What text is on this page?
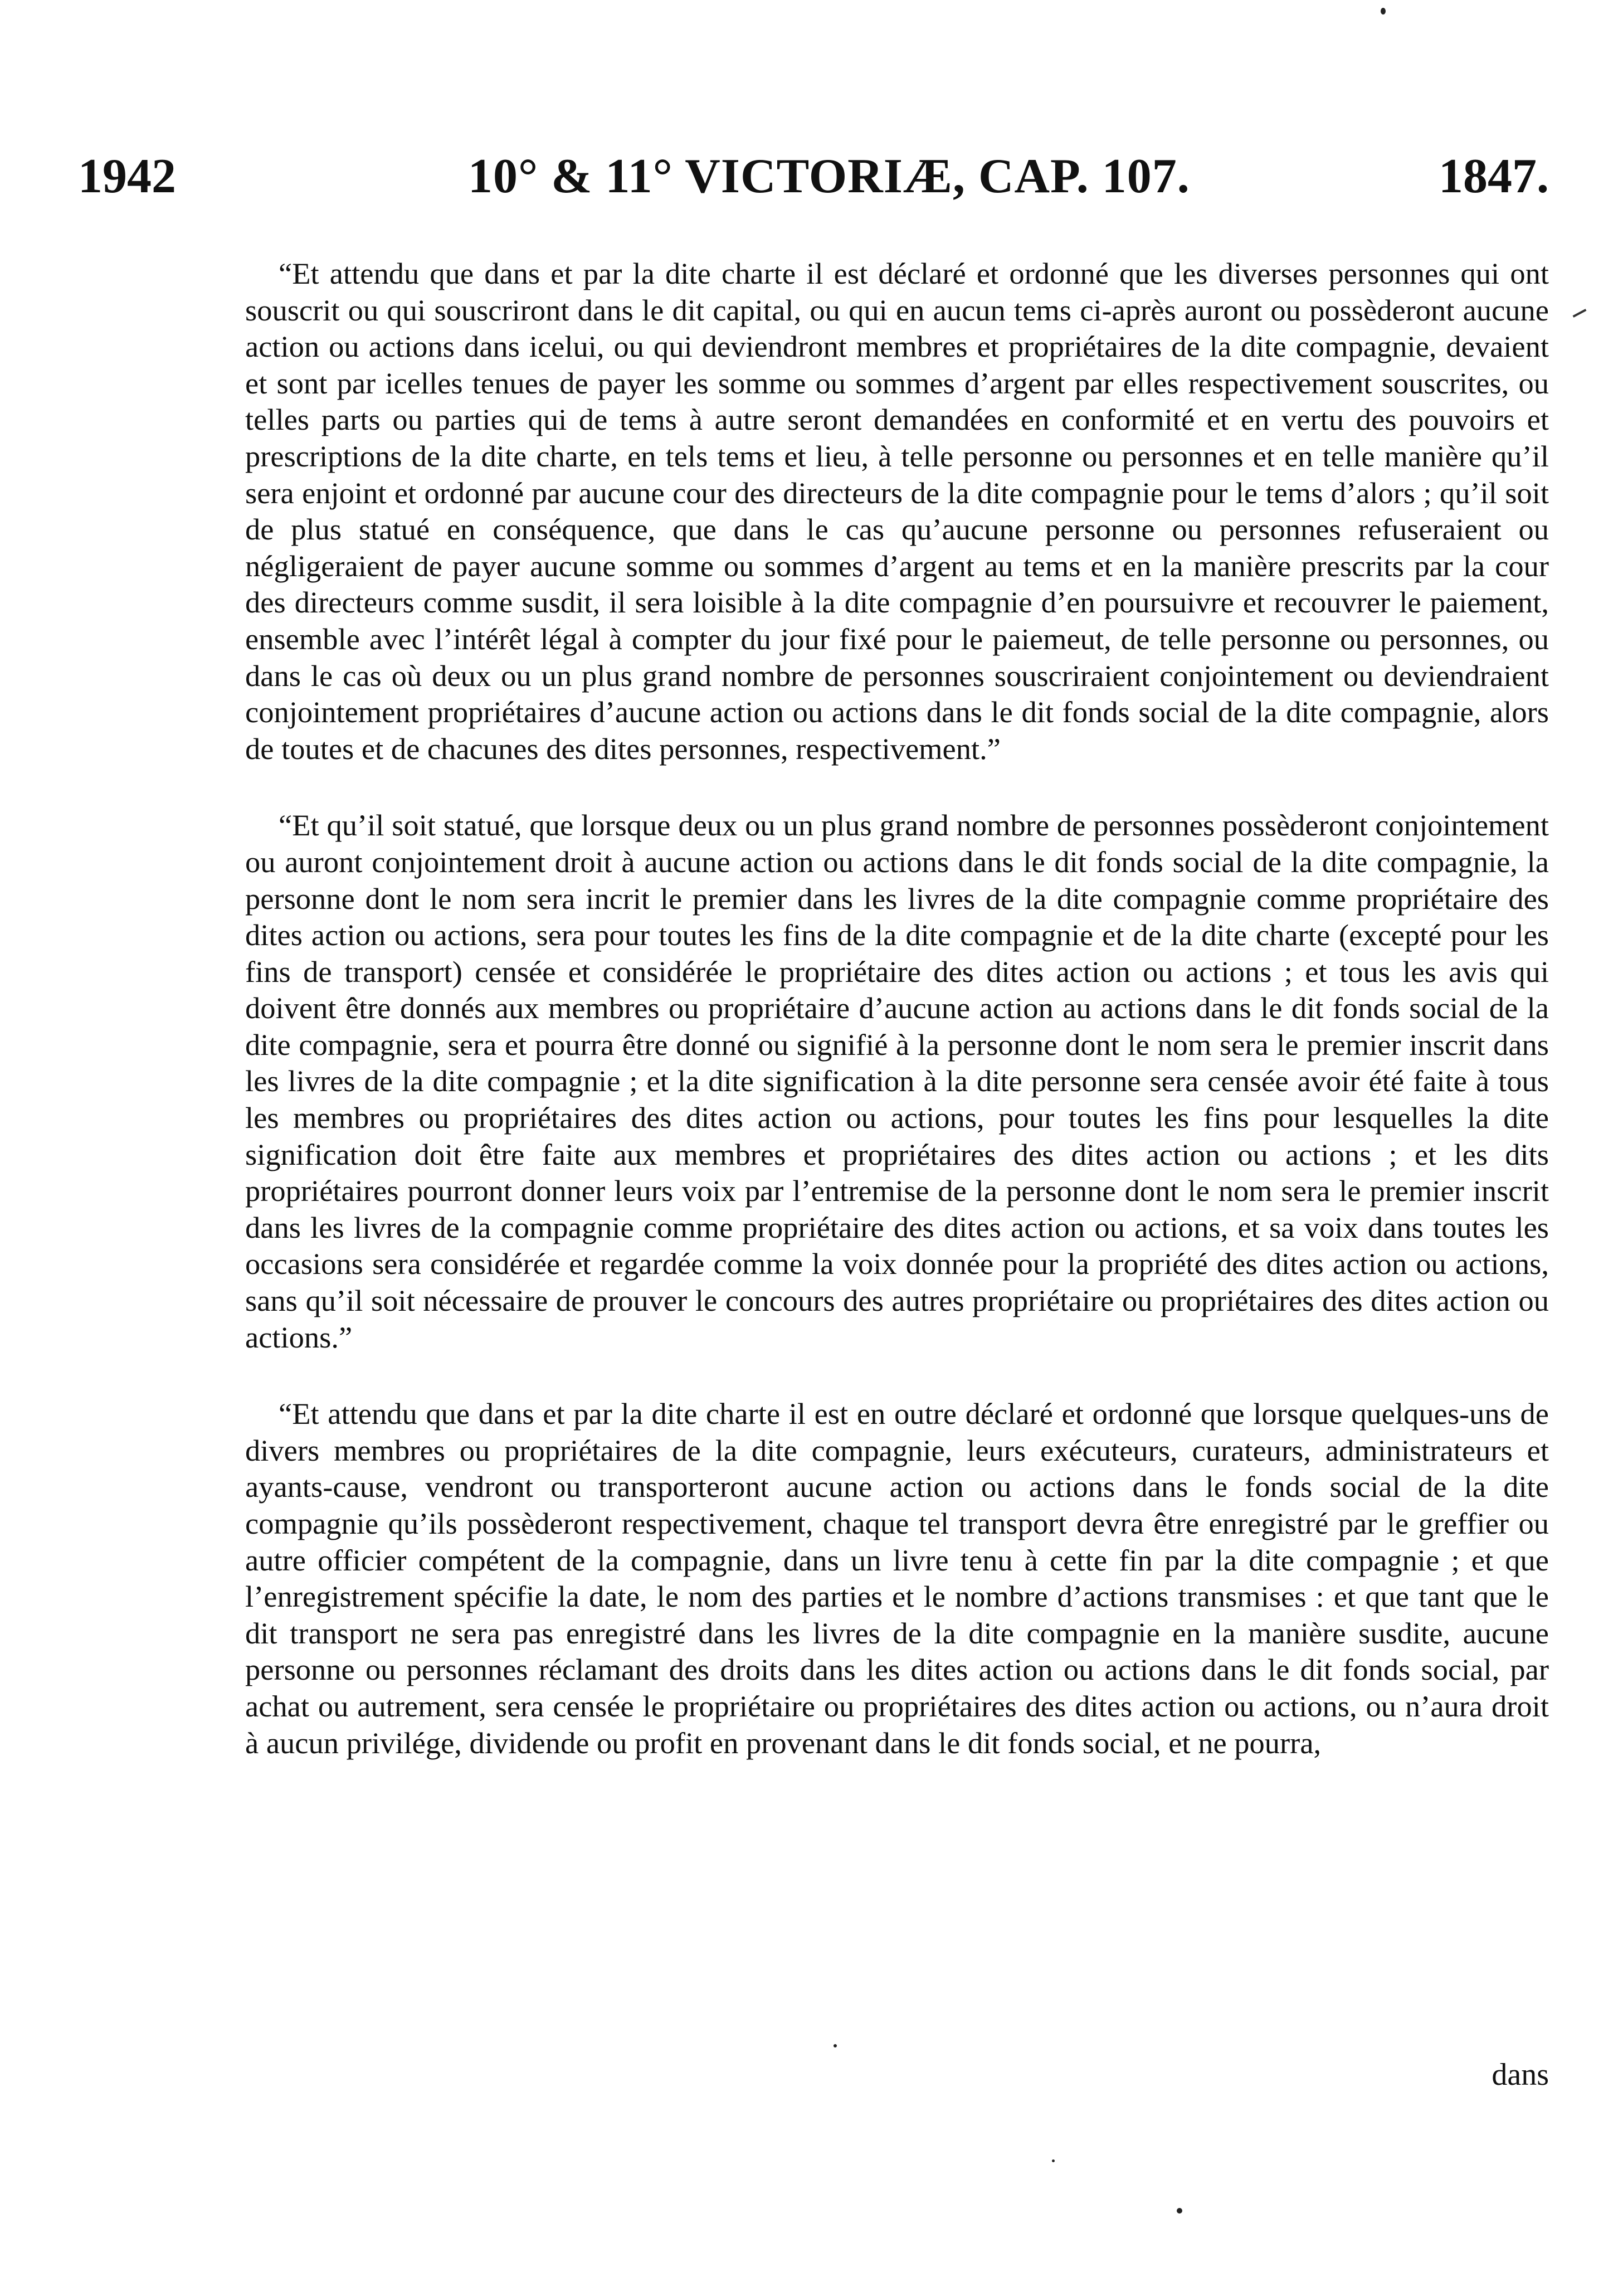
1942	10° & 11° VICTORIÆ, CAP. 107.	1847.

“Et attendu que dans et par la dite charte il est déclaré et ordonné que les diverses personnes qui ont souscrit ou qui souscriront dans le dit capital, ou qui en aucun tems ci-après auront ou possèderont aucune action ou actions dans icelui, ou qui deviendront membres et propriétaires de la dite compagnie, devaient et sont par icelles tenues de payer les somme ou sommes d’argent par elles respectivement souscrites, ou telles parts ou parties qui de tems à autre seront demandées en conformité et en vertu des pouvoirs et prescriptions de la dite charte, en tels tems et lieu, à telle personne ou personnes et en telle manière qu’il sera enjoint et ordonné par aucune cour des directeurs de la dite compagnie pour le tems d’alors ; qu’il soit de plus statué en conséquence, que dans le cas qu’aucune personne ou personnes refuseraient ou négligeraient de payer aucune somme ou sommes d’argent au tems et en la manière prescrits par la cour des directeurs comme susdit, il sera loisible à la dite compagnie d’en poursuivre et recouvrer le paiement, ensemble avec l’intérêt légal à compter du jour fixé pour le paiemeut, de telle personne ou personnes, ou dans le cas où deux ou un plus grand nombre de personnes souscriraient conjointement ou deviendraient conjointement propriétaires d’aucune action ou actions dans le dit fonds social de la dite compagnie, alors de toutes et de chacunes des dites personnes, respectivement.”

“Et qu’il soit statué, que lorsque deux ou un plus grand nombre de personnes possèderont conjointement ou auront conjointement droit à aucune action ou actions dans le dit fonds social de la dite compagnie, la personne dont le nom sera incrit le premier dans les livres de la dite compagnie comme propriétaire des dites action ou actions, sera pour toutes les fins de la dite compagnie et de la dite charte (excepté pour les fins de transport) censée et considérée le propriétaire des dites action ou actions ; et tous les avis qui doivent être donnés aux membres ou propriétaire d’aucune action au actions dans le dit fonds social de la dite compagnie, sera et pourra être donné ou signifié à la personne dont le nom sera le premier inscrit dans les livres de la dite compagnie ; et la dite signification à la dite personne sera censée avoir été faite à tous les membres ou propriétaires des dites action ou actions, pour toutes les fins pour lesquelles la dite signification doit être faite aux membres et propriétaires des dites action ou actions ; et les dits propriétaires pourront donner leurs voix par l’entremise de la personne dont le nom sera le premier inscrit dans les livres de la compagnie comme propriétaire des dites action ou actions, et sa voix dans toutes les occasions sera considérée et regardée comme la voix donnée pour la propriété des dites action ou actions, sans qu’il soit nécessaire de prouver le concours des autres propriétaire ou propriétaires des dites action ou actions.”

“Et attendu que dans et par la dite charte il est en outre déclaré et ordonné que lorsque quelques-uns de divers membres ou propriétaires de la dite compagnie, leurs exécuteurs, curateurs, administrateurs et ayants-cause, vendront ou transporteront aucune action ou actions dans le fonds social de la dite compagnie qu’ils possèderont respectivement, chaque tel transport devra être enregistré par le greffier ou autre officier compétent de la compagnie, dans un livre tenu à cette fin par la dite compagnie ; et que l’enregistrement spécifie la date, le nom des parties et le nombre d’actions transmises : et que tant que le dit transport ne sera pas enregistré dans les livres de la dite compagnie en la manière susdite, aucune personne ou personnes réclamant des droits dans les dites action ou actions dans le dit fonds social, par achat ou autrement, sera censée le propriétaire ou propriétaires des dites action ou actions, ou n’aura droit à aucun privilége, dividende ou profit en provenant dans le dit fonds social, et ne pourra,

dans
